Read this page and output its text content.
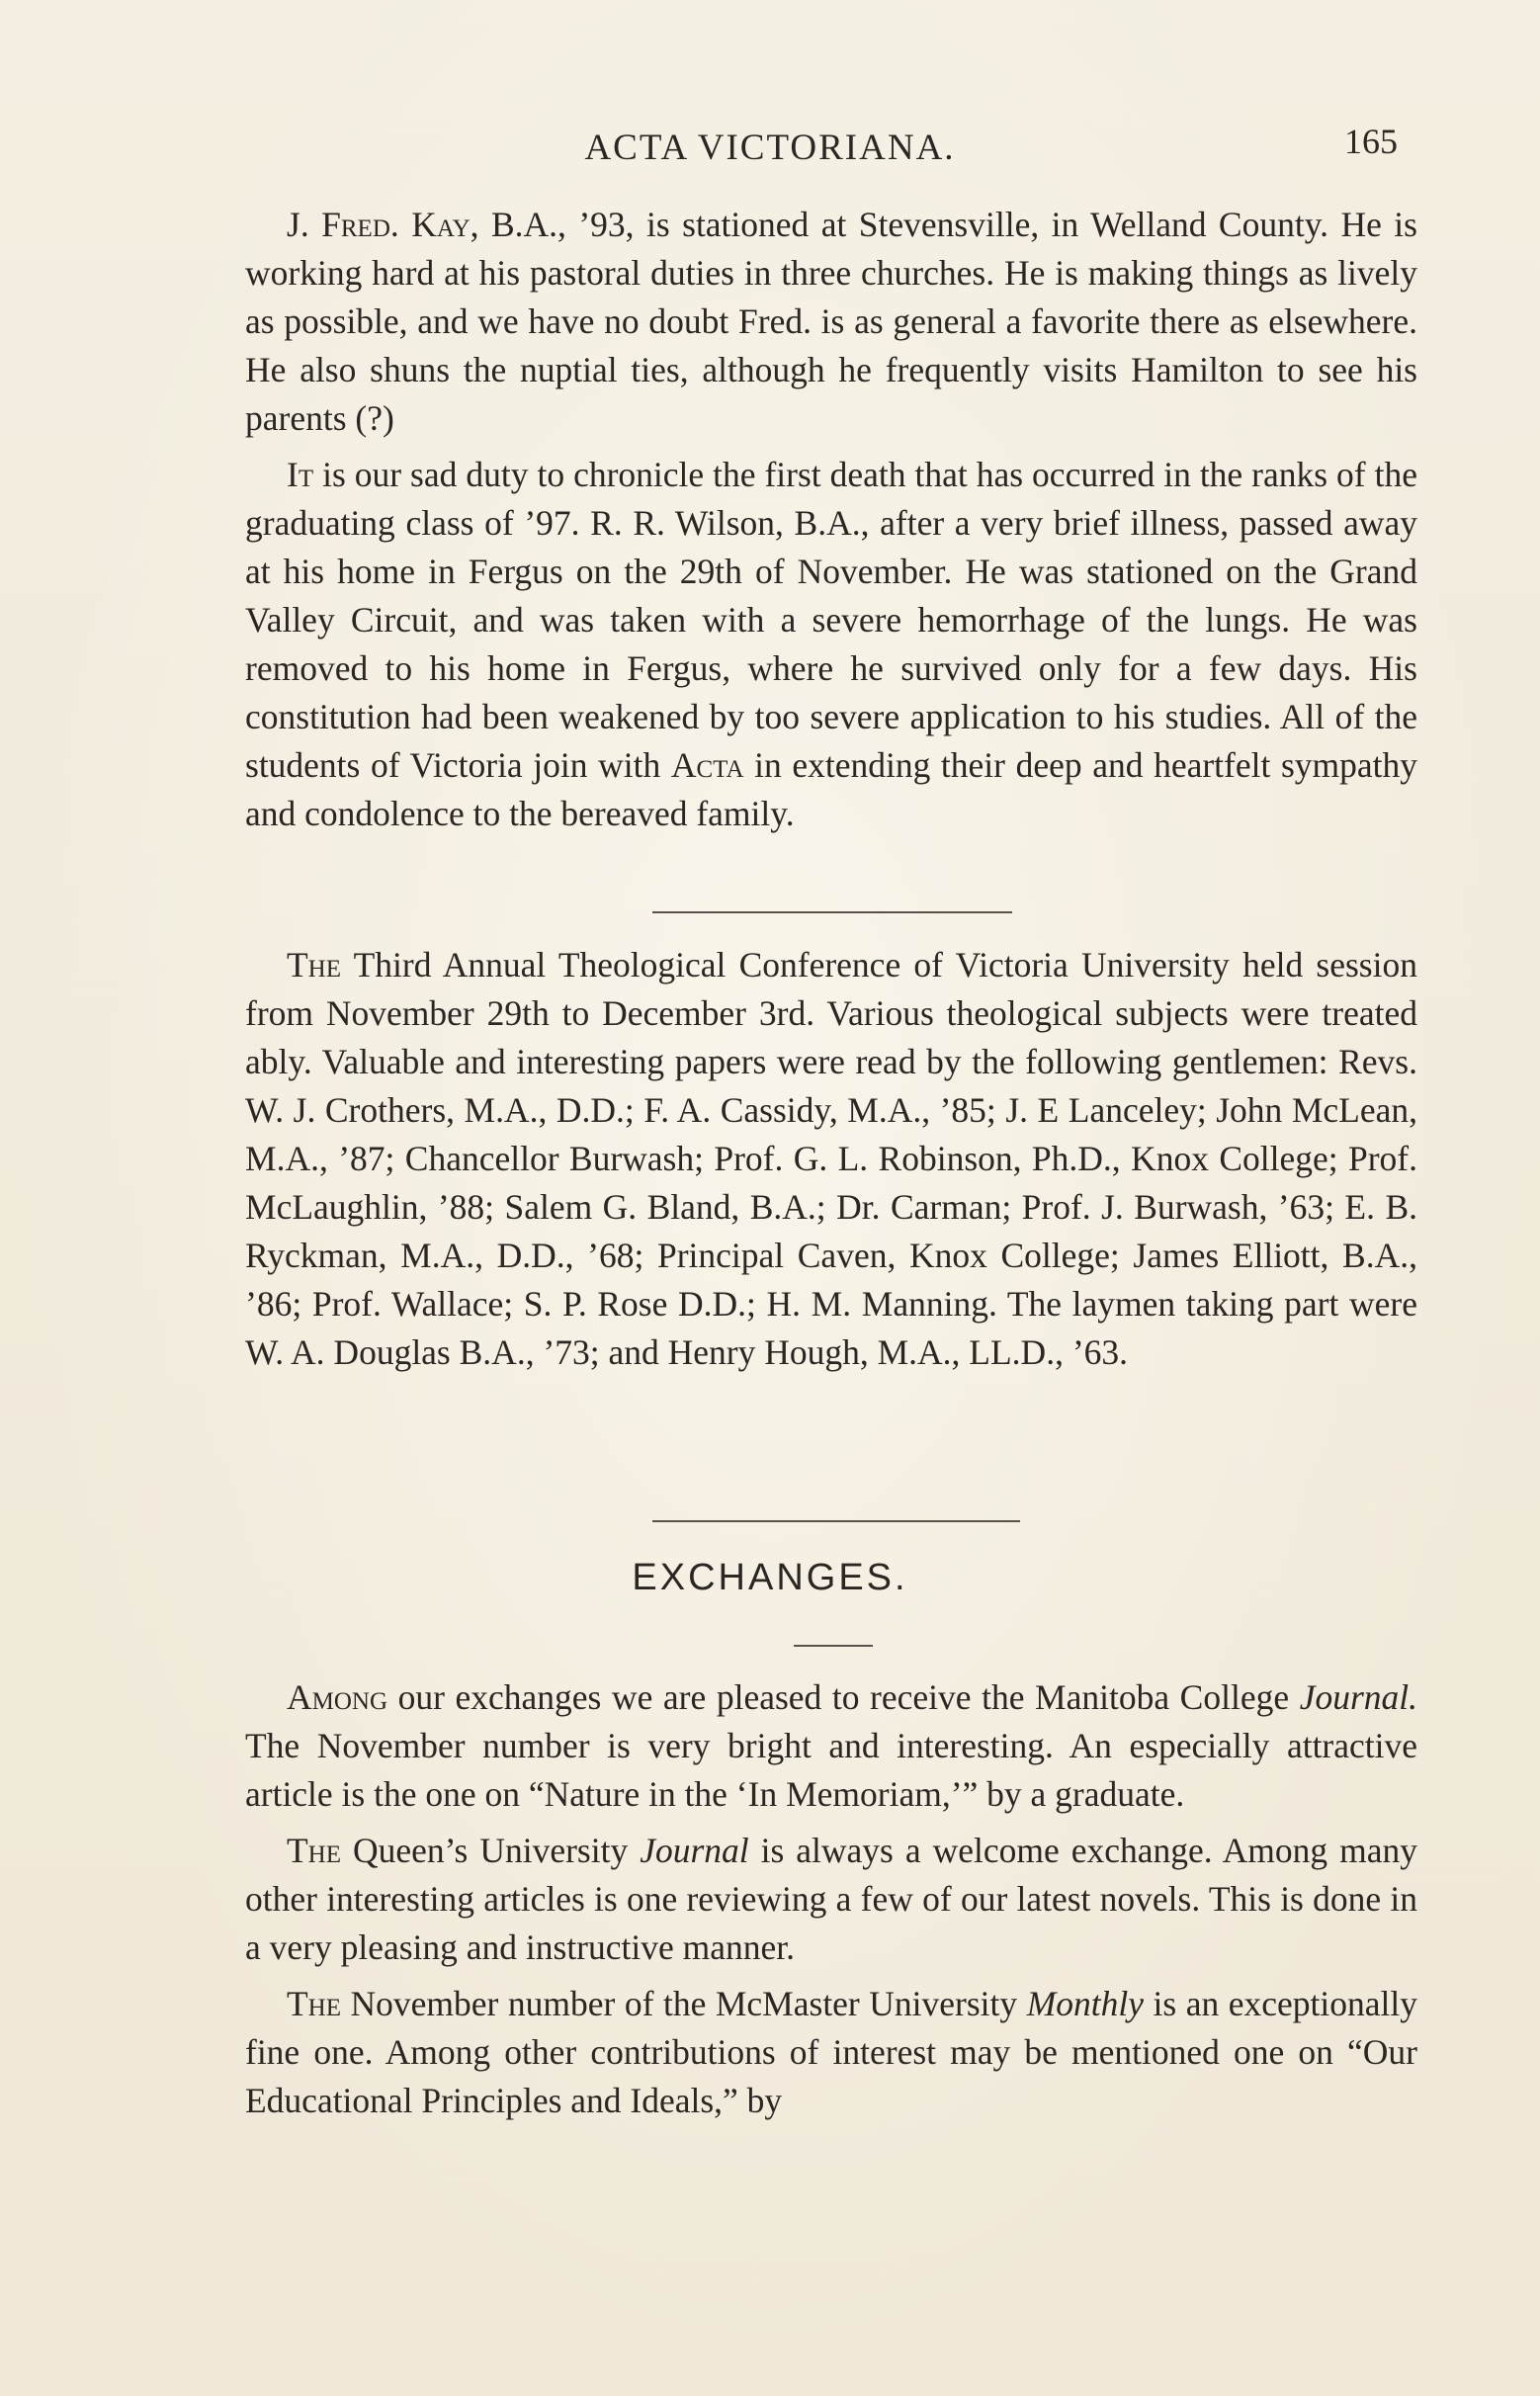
ACTA VICTORIANA.	165

J. Fred. Kay, B.A., ’93, is stationed at Stevensville, in Welland County. He is working hard at his pastoral duties in three churches. He is making things as lively as possible, and we have no doubt Fred. is as general a favorite there as elsewhere. He also shuns the nuptial ties, although he frequently visits Hamilton to see his parents (?)

It is our sad duty to chronicle the first death that has occurred in the ranks of the graduating class of ’97. R. R. Wilson, B.A., after a very brief illness, passed away at his home in Fergus on the 29th of November. He was stationed on the Grand Valley Circuit, and was taken with a severe hemorrhage of the lungs. He was removed to his home in Fergus, where he survived only for a few days. His constitution had been weakened by too severe application to his studies. All of the students of Victoria join with Acta in extending their deep and heartfelt sympathy and condolence to the bereaved family.

The Third Annual Theological Conference of Victoria University held session from November 29th to December 3rd. Various theological subjects were treated ably. Valuable and interesting papers were read by the following gentlemen: Revs. W. J. Crothers, M.A., D.D.; F. A. Cassidy, M.A., ’85; J. E Lanceley; John McLean, M.A., ’87; Chancellor Burwash; Prof. G. L. Robinson, Ph.D., Knox College; Prof. McLaughlin, ’88; Salem G. Bland, B.A.; Dr. Carman; Prof. J. Burwash, ’63; E. B. Ryckman, M.A., D.D., ’68; Principal Caven, Knox College; James Elliott, B.A., ’86; Prof. Wallace; S. P. Rose D.D.; H. M. Manning. The laymen taking part were W. A. Douglas B.A., ’73; and Henry Hough, M.A., LL.D., ’63.

EXCHANGES.

Among our exchanges we are pleased to receive the Manitoba College Journal. The November number is very bright and interesting. An especially attractive article is the one on “Nature in the ‘In Memoriam,’” by a graduate.

The Queen’s University Journal is always a welcome exchange. Among many other interesting articles is one reviewing a few of our latest novels. This is done in a very pleasing and instructive manner.

The November number of the McMaster University Monthly is an exceptionally fine one. Among other contributions of interest may be mentioned one on “Our Educational Principles and Ideals,” by
